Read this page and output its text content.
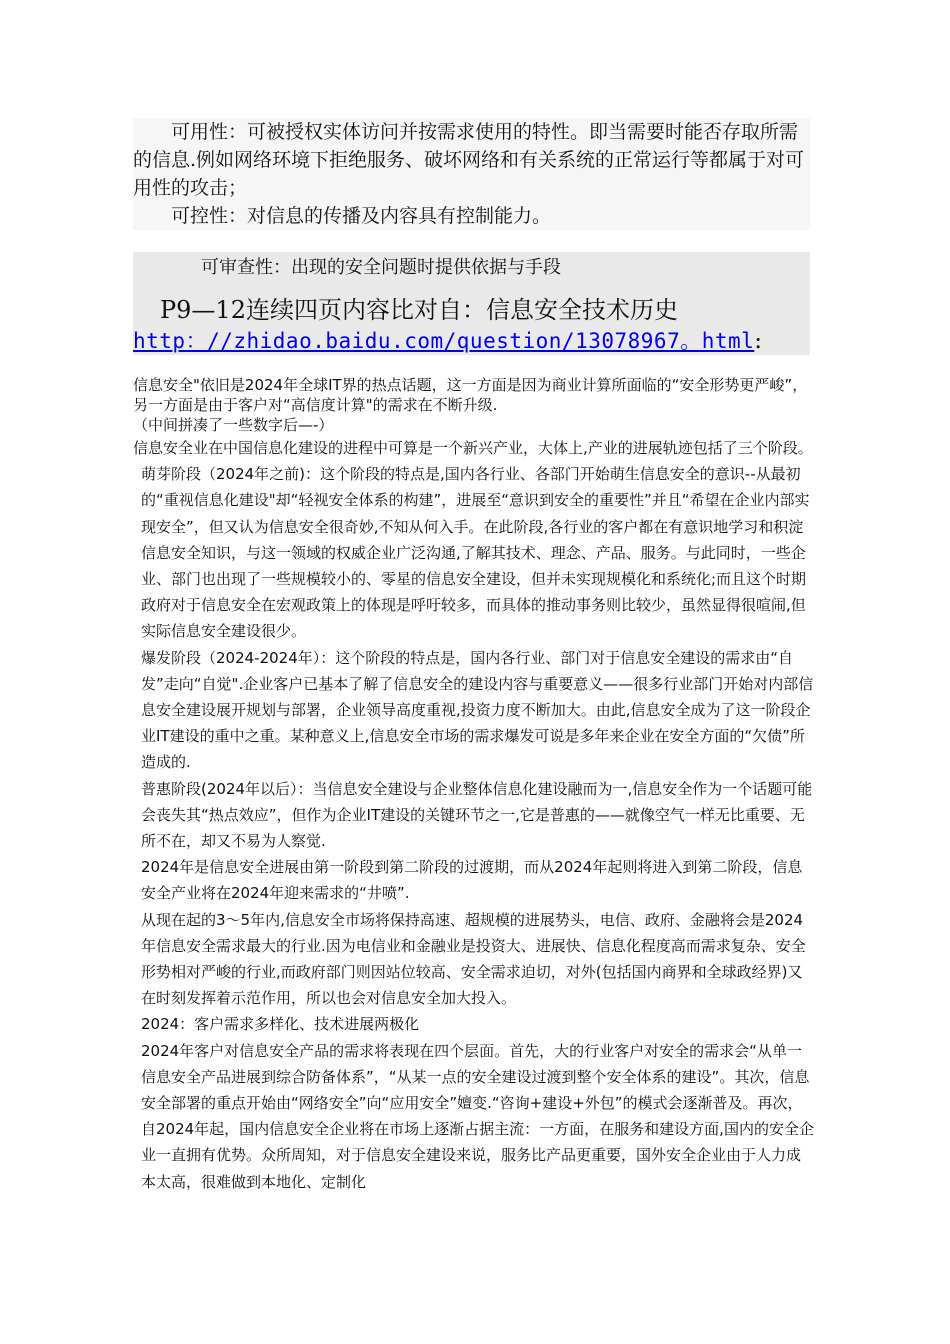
可用性：可被授权实体访问并按需求使用的特性。即当需要时能否存取所需的信息.例如网络环境下拒绝服务、破坏网络和有关系统的正常运行等都属于对可用性的攻击；

可控性：对信息的传播及内容具有控制能力。

可审查性：出现的安全问题时提供依据与手段
P9—12连续四页内容比对自：信息安全技术历史
http：//zhidao.baidu.com/question/13078967。html:

信息安全"依旧是2024年全球IT界的热点话题，这一方面是因为商业计算所面临的“安全形势更严峻”，另一方面是由于客户对“高信度计算"的需求在不断升级.

（中间拼凑了一些数字后—-）

信息安全业在中国信息化建设的进程中可算是一个新兴产业，大体上,产业的进展轨迹包括了三个阶段。

萌芽阶段（2024年之前)：这个阶段的特点是,国内各行业、各部门开始萌生信息安全的意识--从最初的“重视信息化建设"却“轻视安全体系的构建”，进展至“意识到安全的重要性”并且“希望在企业内部实现安全”，但又认为信息安全很奇妙,不知从何入手。在此阶段,各行业的客户都在有意识地学习和积淀信息安全知识，与这一领域的权威企业广泛沟通,了解其技术、理念、产品、服务。与此同时，一些企业、部门也出现了一些规模较小的、零星的信息安全建设，但并未实现规模化和系统化;而且这个时期政府对于信息安全在宏观政策上的体现是呼吁较多，而具体的推动事务则比较少，虽然显得很喧闹,但实际信息安全建设很少。

爆发阶段（2024-2024年）：这个阶段的特点是，国内各行业、部门对于信息安全建设的需求由“自发”走向“自觉".企业客户已基本了解了信息安全的建设内容与重要意义——很多行业部门开始对内部信息安全建设展开规划与部署，企业领导高度重视,投资力度不断加大。由此,信息安全成为了这一阶段企业IT建设的重中之重。某种意义上,信息安全市场的需求爆发可说是多年来企业在安全方面的“欠债”所造成的.

普惠阶段(2024年以后）：当信息安全建设与企业整体信息化建设融而为一,信息安全作为一个话题可能会丧失其“热点效应”，但作为企业IT建设的关键环节之一,它是普惠的——就像空气一样无比重要、无所不在，却又不易为人察觉.

2024年是信息安全进展由第一阶段到第二阶段的过渡期，而从2024年起则将进入到第二阶段，信息安全产业将在2024年迎来需求的“井喷”.

从现在起的3～5年内,信息安全市场将保持高速、超规模的进展势头，电信、政府、金融将会是2024年信息安全需求最大的行业.因为电信业和金融业是投资大、进展快、信息化程度高而需求复杂、安全形势相对严峻的行业,而政府部门则因站位较高、安全需求迫切，对外(包括国内商界和全球政经界)又在时刻发挥着示范作用，所以也会对信息安全加大投入。

2024：客户需求多样化、技术进展两极化

2024年客户对信息安全产品的需求将表现在四个层面。首先，大的行业客户对安全的需求会“从单一信息安全产品进展到综合防备体系”，“从某一点的安全建设过渡到整个安全体系的建设”。其次，信息安全部署的重点开始由“网络安全”向“应用安全”嬗变.“咨询+建设+外包”的模式会逐渐普及。再次，自2024年起，国内信息安全企业将在市场上逐渐占据主流：一方面，在服务和建设方面,国内的安全企业一直拥有优势。众所周知，对于信息安全建设来说，服务比产品更重要，国外安全企业由于人力成本太高，很难做到本地化、定制化
